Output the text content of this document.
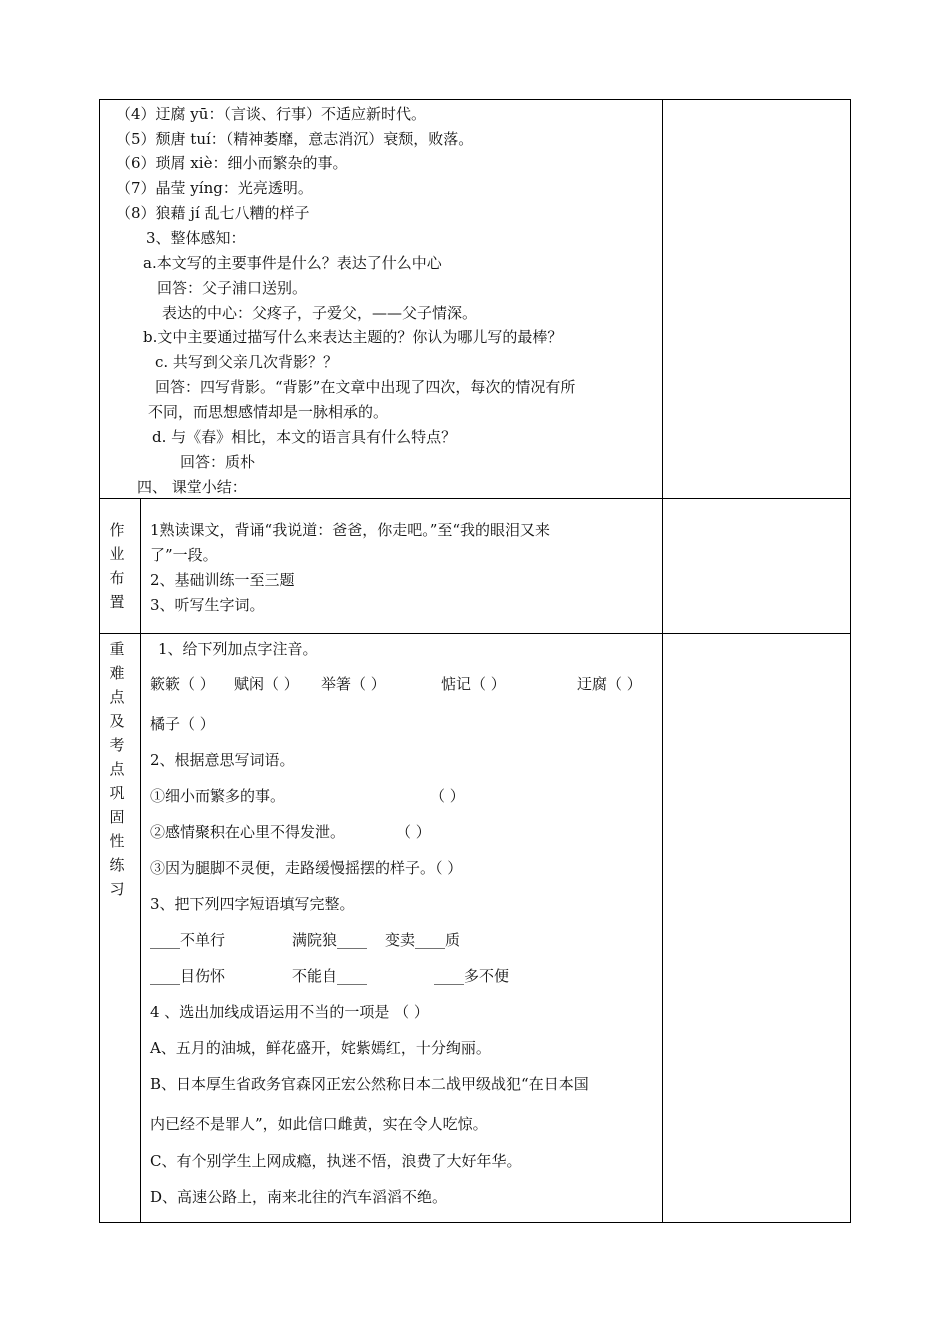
（4）迂腐 yū：（言谈、行事）不适应新时代。
（5）颓唐 tuí：（精神萎靡，意志消沉）衰颓，败落。
（6）琐屑 xiè：细小而繁杂的事。
（7）晶莹 yíng：光亮透明。
（8）狼藉 jí 乱七八糟的样子
3、整体感知：
a.本文写的主要事件是什么？表达了什么中心
回答：父子浦口送别。
表达的中心：父疼子，子爱父，——父子情深。
b.文中主要通过描写什么来表达主题的？你认为哪儿写的最棒？
c. 共写到父亲几次背影？？
回答：四写背影。“背影”在文章中出现了四次，每次的情况有所
不同，而思想感情却是一脉相承的。
d. 与《春》相比，本文的语言具有什么特点？
回答：质朴
四、 课堂小结：
作
业
布
置
1熟读课文，背诵“我说道：爸爸，你走吧。”至“我的眼泪又来
了”一段。
2、基础训练一至三题
3、听写生字词。
重
难
点
及
考
点
巩
固
性
练
习
1、给下列加点字注音。
簌簌（ ） 赋闲（ ） 举箸（ ）	惦记（ ）	迂腐（ ）
橘子（ ）
2、根据意思写词语。
①细小而繁多的事。	（ ）
②感情聚积在心里不得发泄。	（ ）
③因为腿脚不灵便，走路缓慢摇摆的样子。（ ）
3、把下列四字短语填写完整。
____不单行	满院狼____ 变卖____质
____目伤怀	不能自____	____多不便
4 、选出加线成语运用不当的一项是 （ ）
A、五月的油城，鲜花盛开，姹紫嫣红，十分绚丽。
B、日本厚生省政务官森冈正宏公然称日本二战甲级战犯“在日本国
内已经不是罪人”，如此信口雌黄，实在令人吃惊。
C、有个别学生上网成瘾，执迷不悟，浪费了大好年华。
D、高速公路上，南来北往的汽车滔滔不绝。
